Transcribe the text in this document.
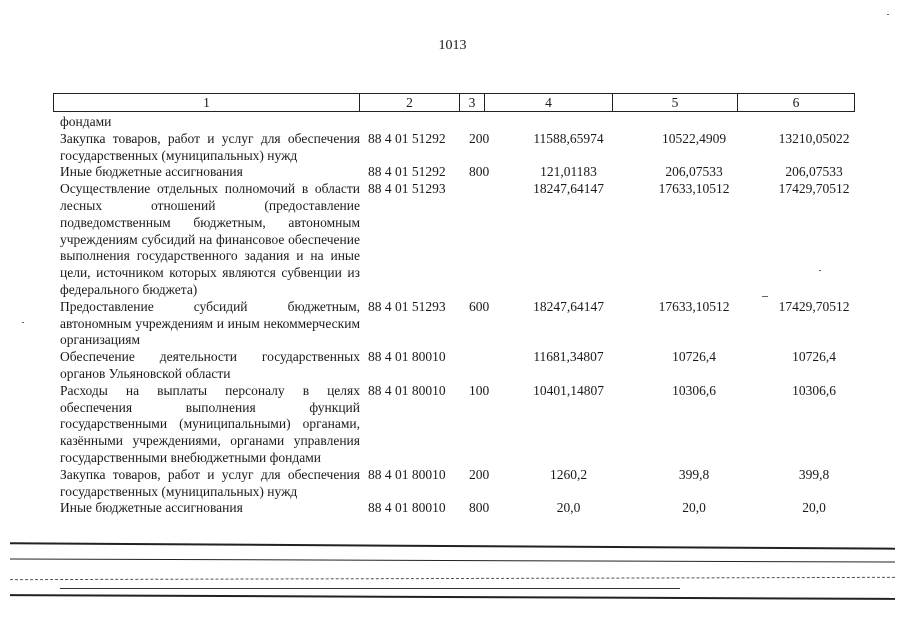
1013
1	2	3	4	5	6
фондами					
Закупка товаров, работ и услуг для обеспечения государственных (муниципальных) нужд	88 4 01 51292	200	11588,65974	10522,4909	13210,05022
Иные бюджетные ассигнования	88 4 01 51292	800	121,01183	206,07533	206,07533
Осуществление отдельных полномочий в области лесных отношений (предоставление подведомственным бюджетным, автономным учреждениям субсидий на финансовое обеспечение выполнения государственного задания и на иные цели, источником которых являются субвенции из федерального бюджета)	88 4 01 51293		18247,64147	17633,10512	17429,70512
Предоставление субсидий бюджетным, автономным учреждениям и иным некоммерческим организациям	88 4 01 51293	600	18247,64147	17633,10512	17429,70512
Обеспечение деятельности государственных органов Ульяновской области	88 4 01 80010		11681,34807	10726,4	10726,4
Расходы на выплаты персоналу в целях обеспечения выполнения функций государственными (муниципальными) органами, казёнными учреждениями, органами управления государственными внебюджетными фондами	88 4 01 80010	100	10401,14807	10306,6	10306,6
Закупка товаров, работ и услуг для обеспечения государственных (муниципальных) нужд	88 4 01 80010	200	1260,2	399,8	399,8
Иные бюджетные ассигнования	88 4 01 80010	800	20,0	20,0	20,0
